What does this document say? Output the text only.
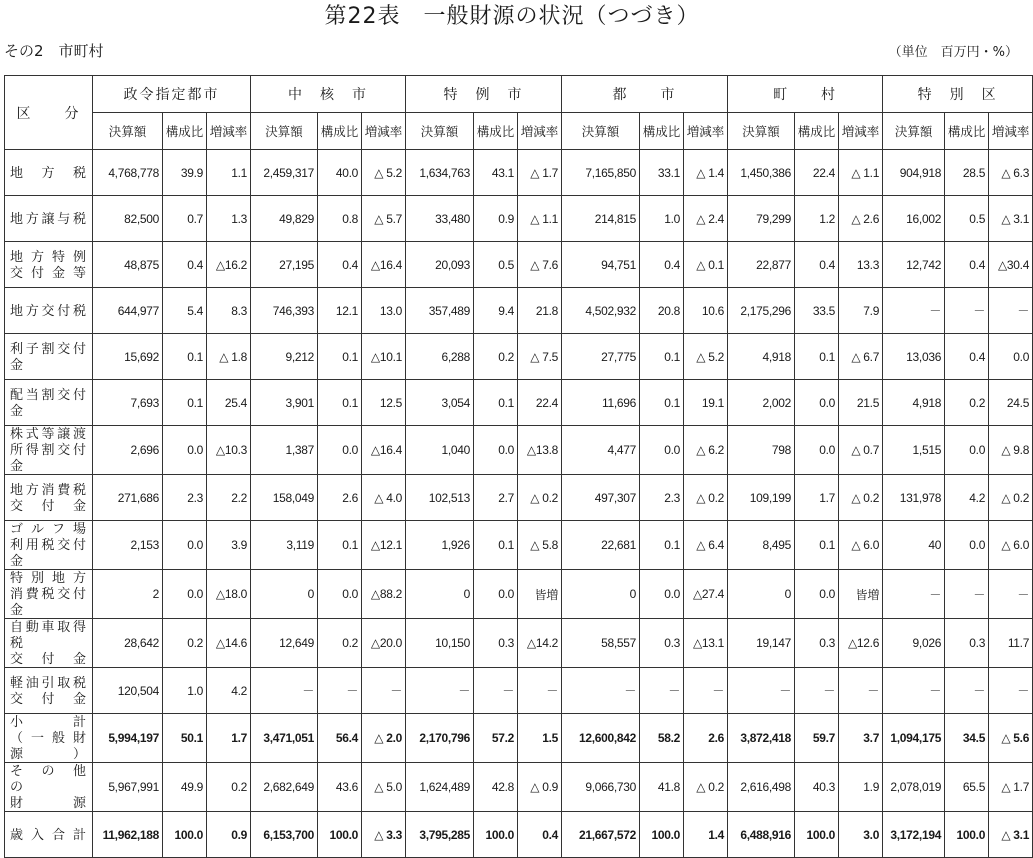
第22表　一般財源の状況（つづき）
その2　市町村	（単位　百万円・%）
区　　分	政令指定都市			中　核　市			特　例　市			都　　市			町　　村			特　別　区		
	決算額	構成比	増減率	決算額	構成比	増減率	決算額	構成比	増減率	決算額	構成比	増減率	決算額	構成比	増減率	決算額	構成比	増減率

地　方　税	4,768,778	39.9	1.1	2,459,317	40.0	△ 5.2	1,634,763	43.1	△ 1.7	7,165,850	33.1	△ 1.4	1,450,386	22.4	△ 1.1	904,918	28.5	△ 6.3

地方譲与税	82,500	0.7	1.3	49,829	0.8	△ 5.7	33,480	0.9	△ 1.1	214,815	1.0	△ 2.4	79,299	1.2	△ 2.6	16,002	0.5	△ 3.1

地方特例
交付金等	48,875	0.4	△16.2	27,195	0.4	△16.4	20,093	0.5	△ 7.6	94,751	0.4	△ 0.1	22,877	0.4	13.3	12,742	0.4	△30.4

地方交付税	644,977	5.4	8.3	746,393	12.1	13.0	357,489	9.4	21.8	4,502,932	20.8	10.6	2,175,296	33.5	7.9	－	－	－

利子割交付金	15,692	0.1	△ 1.8	9,212	0.1	△10.1	6,288	0.2	△ 7.5	27,775	0.1	△ 5.2	4,918	0.1	△ 6.7	13,036	0.4	0.0

配当割交付金	7,693	0.1	25.4	3,901	0.1	12.5	3,054	0.1	22.4	11,696	0.1	19.1	2,002	0.0	21.5	4,918	0.2	24.5

株式等譲渡
所得割交付金	2,696	0.0	△10.3	1,387	0.0	△16.4	1,040	0.0	△13.8	4,477	0.0	△ 6.2	798	0.0	△ 0.7	1,515	0.0	△ 9.8

地方消費税
交　付　金	271,686	2.3	2.2	158,049	2.6	△ 4.0	102,513	2.7	△ 0.2	497,307	2.3	△ 0.2	109,199	1.7	△ 0.2	131,978	4.2	△ 0.2

ゴルフ場
利用税交付金	2,153	0.0	3.9	3,119	0.1	△12.1	1,926	0.1	△ 5.8	22,681	0.1	△ 6.4	8,495	0.1	△ 6.0	40	0.0	△ 6.0

特別地方
消費税交付金	2	0.0	△18.0	0	0.0	△88.2	0	0.0	皆増	0	0.0	△27.4	0	0.0	皆増	－	－	－

自動車取得税
交　付　金	28,642	0.2	△14.6	12,649	0.2	△20.0	10,150	0.3	△14.2	58,557	0.3	△13.1	19,147	0.3	△12.6	9,026	0.3	11.7

軽油引取税
交　付　金	120,504	1.0	4.2	－	－	－	－	－	－	－	－	－	－	－	－	－	－	－

小　　計
（一般財源）	5,994,197	50.1	1.7	3,471,051	56.4	△ 2.0	2,170,796	57.2	1.5	12,600,842	58.2	2.6	3,872,418	59.7	3.7	1,094,175	34.5	△ 5.6

そ　の　他　の
財　　源	5,967,991	49.9	0.2	2,682,649	43.6	△ 5.0	1,624,489	42.8	△ 0.9	9,066,730	41.8	△ 0.2	2,616,498	40.3	1.9	2,078,019	65.5	△ 1.7

歳入合計	11,962,188	100.0	0.9	6,153,700	100.0	△ 3.3	3,795,285	100.0	0.4	21,667,572	100.0	1.4	6,488,916	100.0	3.0	3,172,194	100.0	△ 3.1
